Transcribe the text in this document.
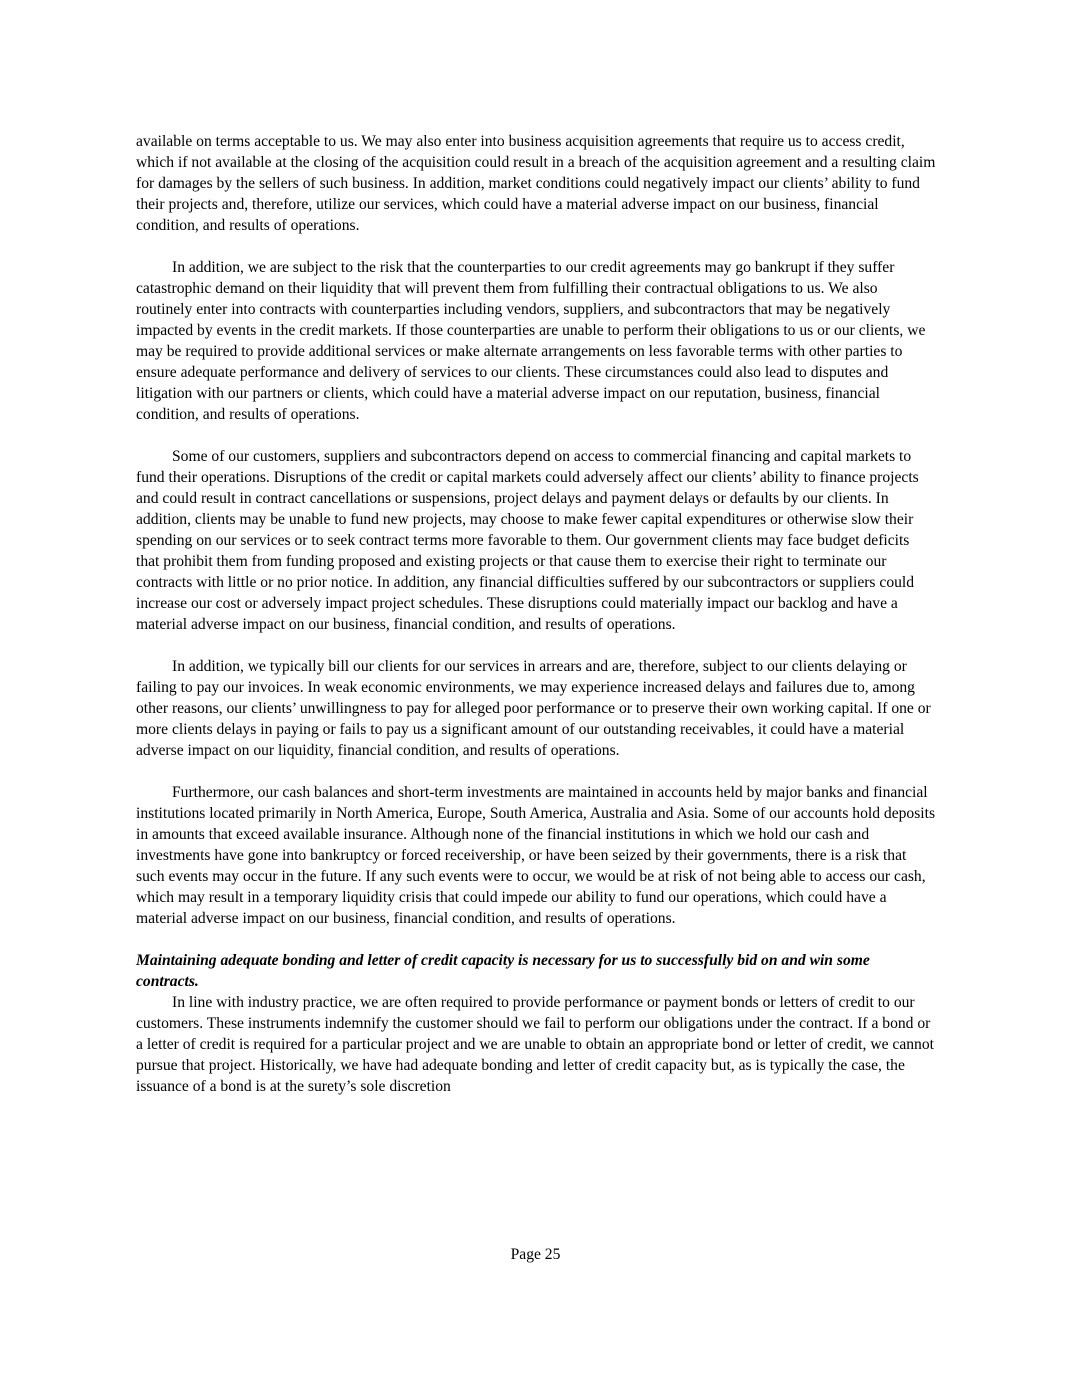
available on terms acceptable to us. We may also enter into business acquisition agreements that require us to access credit, which if not available at the closing of the acquisition could result in a breach of the acquisition agreement and a resulting claim for damages by the sellers of such business. In addition, market conditions could negatively impact our clients’ ability to fund their projects and, therefore, utilize our services, which could have a material adverse impact on our business, financial condition, and results of operations.

In addition, we are subject to the risk that the counterparties to our credit agreements may go bankrupt if they suffer catastrophic demand on their liquidity that will prevent them from fulfilling their contractual obligations to us. We also routinely enter into contracts with counterparties including vendors, suppliers, and subcontractors that may be negatively impacted by events in the credit markets. If those counterparties are unable to perform their obligations to us or our clients, we may be required to provide additional services or make alternate arrangements on less favorable terms with other parties to ensure adequate performance and delivery of services to our clients. These circumstances could also lead to disputes and litigation with our partners or clients, which could have a material adverse impact on our reputation, business, financial condition, and results of operations.

Some of our customers, suppliers and subcontractors depend on access to commercial financing and capital markets to fund their operations. Disruptions of the credit or capital markets could adversely affect our clients’ ability to finance projects and could result in contract cancellations or suspensions, project delays and payment delays or defaults by our clients. In addition, clients may be unable to fund new projects, may choose to make fewer capital expenditures or otherwise slow their spending on our services or to seek contract terms more favorable to them. Our government clients may face budget deficits that prohibit them from funding proposed and existing projects or that cause them to exercise their right to terminate our contracts with little or no prior notice. In addition, any financial difficulties suffered by our subcontractors or suppliers could increase our cost or adversely impact project schedules. These disruptions could materially impact our backlog and have a material adverse impact on our business, financial condition, and results of operations.

In addition, we typically bill our clients for our services in arrears and are, therefore, subject to our clients delaying or failing to pay our invoices. In weak economic environments, we may experience increased delays and failures due to, among other reasons, our clients’ unwillingness to pay for alleged poor performance or to preserve their own working capital. If one or more clients delays in paying or fails to pay us a significant amount of our outstanding receivables, it could have a material adverse impact on our liquidity, financial condition, and results of operations.

Furthermore, our cash balances and short-term investments are maintained in accounts held by major banks and financial institutions located primarily in North America, Europe, South America, Australia and Asia. Some of our accounts hold deposits in amounts that exceed available insurance. Although none of the financial institutions in which we hold our cash and investments have gone into bankruptcy or forced receivership, or have been seized by their governments, there is a risk that such events may occur in the future. If any such events were to occur, we would be at risk of not being able to access our cash, which may result in a temporary liquidity crisis that could impede our ability to fund our operations, which could have a material adverse impact on our business, financial condition, and results of operations.

Maintaining adequate bonding and letter of credit capacity is necessary for us to successfully bid on and win some contracts.

In line with industry practice, we are often required to provide performance or payment bonds or letters of credit to our customers. These instruments indemnify the customer should we fail to perform our obligations under the contract. If a bond or a letter of credit is required for a particular project and we are unable to obtain an appropriate bond or letter of credit, we cannot pursue that project. Historically, we have had adequate bonding and letter of credit capacity but, as is typically the case, the issuance of a bond is at the surety’s sole discretion

Page 25
